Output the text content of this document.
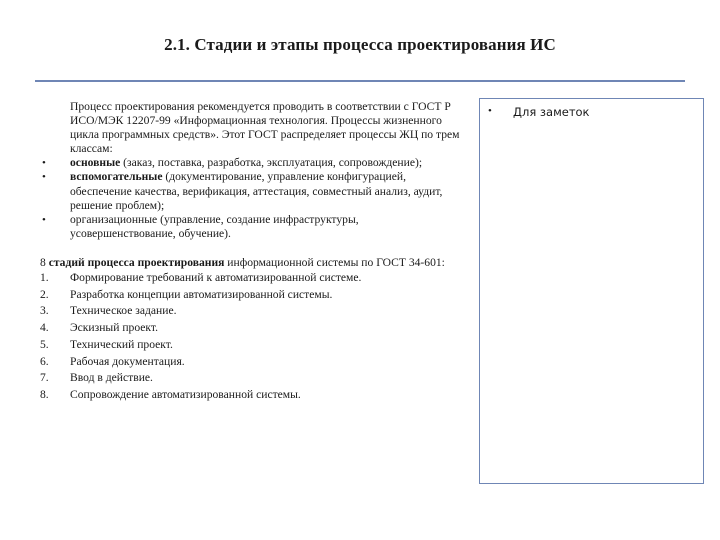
2.1. Стадии и этапы процесса проектирования ИС
Процесс проектирования рекомендуется проводить в соответствии с ГОСТ Р ИСО/МЭК 12207-99 «Информационная технология. Процессы жизненного цикла программных средств». Этот ГОСТ распределяет процессы ЖЦ по трем классам:
• основные (заказ, поставка, разработка, эксплуатация, сопровождение);
• вспомогательные (документирование, управление конфигурацией, обеспечение качества, верификация, аттестация, совместный анализ, аудит, решение проблем);
• организационные (управление, создание инфраструктуры, усовершенствование, обучение).
8 стадий процесса проектирования информационной системы по ГОСТ 34-601:
1. Формирование требований к автоматизированной системе.
2. Разработка концепции автоматизированной системы.
3. Техническое задание.
4. Эскизный проект.
5. Технический проект.
6. Рабочая документация.
7. Ввод в действие.
8. Сопровождение автоматизированной системы.
• Для заметок
